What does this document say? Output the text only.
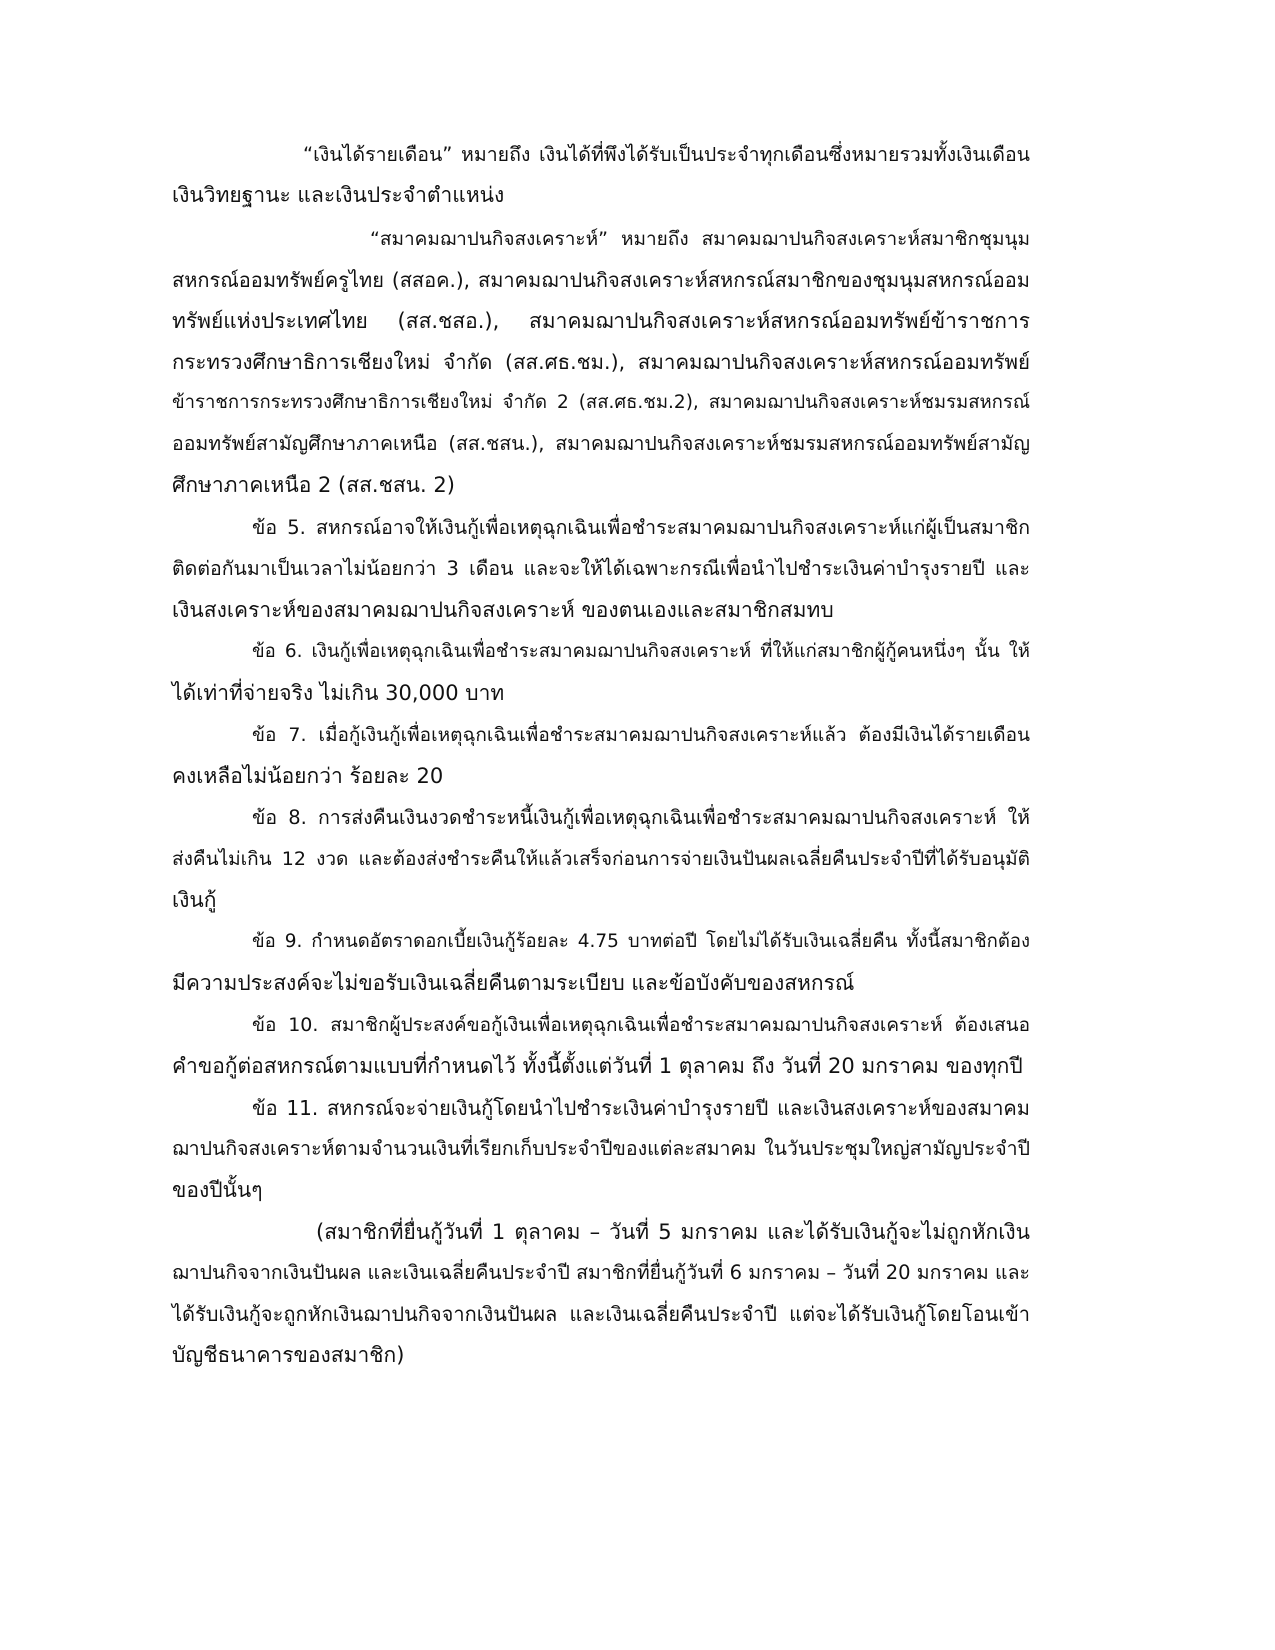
“เงินได้รายเดือน” หมายถึง เงินได้ที่พึงได้รับเป็นประจำทุกเดือนซึ่งหมายรวมทั้งเงินเดือน

เงินวิทยฐานะ และเงินประจำตำแหน่ง

“สมาคมฌาปนกิจสงเคราะห์” หมายถึง สมาคมฌาปนกิจสงเคราะห์สมาชิกชุมนุม

สหกรณ์ออมทรัพย์ครูไทย (สสอค.), สมาคมฌาปนกิจสงเคราะห์สหกรณ์สมาชิกของชุมนุมสหกรณ์ออม

ทรัพย์แห่งประเทศไทย (สส.ชสอ.), สมาคมฌาปนกิจสงเคราะห์สหกรณ์ออมทรัพย์ข้าราชการ

กระทรวงศึกษาธิการเชียงใหม่ จำกัด (สส.ศธ.ชม.), สมาคมฌาปนกิจสงเคราะห์สหกรณ์ออมทรัพย์

ข้าราชการกระทรวงศึกษาธิการเชียงใหม่ จำกัด 2 (สส.ศธ.ชม.2), สมาคมฌาปนกิจสงเคราะห์ชมรมสหกรณ์

ออมทรัพย์สามัญศึกษาภาคเหนือ (สส.ชสน.), สมาคมฌาปนกิจสงเคราะห์ชมรมสหกรณ์ออมทรัพย์สามัญ

ศึกษาภาคเหนือ 2 (สส.ชสน. 2)

ข้อ 5. สหกรณ์อาจให้เงินกู้เพื่อเหตุฉุกเฉินเพื่อชำระสมาคมฌาปนกิจสงเคราะห์แก่ผู้เป็นสมาชิก

ติดต่อกันมาเป็นเวลาไม่น้อยกว่า 3 เดือน และจะให้ได้เฉพาะกรณีเพื่อนำไปชำระเงินค่าบำรุงรายปี และ

เงินสงเคราะห์ของสมาคมฌาปนกิจสงเคราะห์ ของตนเองและสมาชิกสมทบ

ข้อ 6. เงินกู้เพื่อเหตุฉุกเฉินเพื่อชำระสมาคมฌาปนกิจสงเคราะห์ ที่ให้แก่สมาชิกผู้กู้คนหนึ่งๆ นั้น ให้

ได้เท่าที่จ่ายจริง ไม่เกิน 30,000 บาท

ข้อ 7. เมื่อกู้เงินกู้เพื่อเหตุฉุกเฉินเพื่อชำระสมาคมฌาปนกิจสงเคราะห์แล้ว ต้องมีเงินได้รายเดือน

คงเหลือไม่น้อยกว่า ร้อยละ 20

ข้อ 8. การส่งคืนเงินงวดชำระหนี้เงินกู้เพื่อเหตุฉุกเฉินเพื่อชำระสมาคมฌาปนกิจสงเคราะห์ ให้

ส่งคืนไม่เกิน 12 งวด และต้องส่งชำระคืนให้แล้วเสร็จก่อนการจ่ายเงินปันผลเฉลี่ยคืนประจำปีที่ได้รับอนุมัติ

เงินกู้

ข้อ 9. กำหนดอัตราดอกเบี้ยเงินกู้ร้อยละ 4.75 บาทต่อปี โดยไม่ได้รับเงินเฉลี่ยคืน ทั้งนี้สมาชิกต้อง

มีความประสงค์จะไม่ขอรับเงินเฉลี่ยคืนตามระเบียบ และข้อบังคับของสหกรณ์

ข้อ 10. สมาชิกผู้ประสงค์ขอกู้เงินเพื่อเหตุฉุกเฉินเพื่อชำระสมาคมฌาปนกิจสงเคราะห์ ต้องเสนอ

คำขอกู้ต่อสหกรณ์ตามแบบที่กำหนดไว้ ทั้งนี้ตั้งแต่วันที่ 1 ตุลาคม ถึง วันที่ 20 มกราคม ของทุกปี

ข้อ 11. สหกรณ์จะจ่ายเงินกู้โดยนำไปชำระเงินค่าบำรุงรายปี และเงินสงเคราะห์ของสมาคม

ฌาปนกิจสงเคราะห์ตามจำนวนเงินที่เรียกเก็บประจำปีของแต่ละสมาคม ในวันประชุมใหญ่สามัญประจำปี

ของปีนั้นๆ

(สมาชิกที่ยื่นกู้วันที่ 1 ตุลาคม – วันที่ 5 มกราคม และได้รับเงินกู้จะไม่ถูกหักเงิน

ฌาปนกิจจากเงินปันผล และเงินเฉลี่ยคืนประจำปี สมาชิกที่ยื่นกู้วันที่ 6 มกราคม – วันที่ 20 มกราคม และ

ได้รับเงินกู้จะถูกหักเงินฌาปนกิจจากเงินปันผล และเงินเฉลี่ยคืนประจำปี แต่จะได้รับเงินกู้โดยโอนเข้า

บัญชีธนาคารของสมาชิก)
